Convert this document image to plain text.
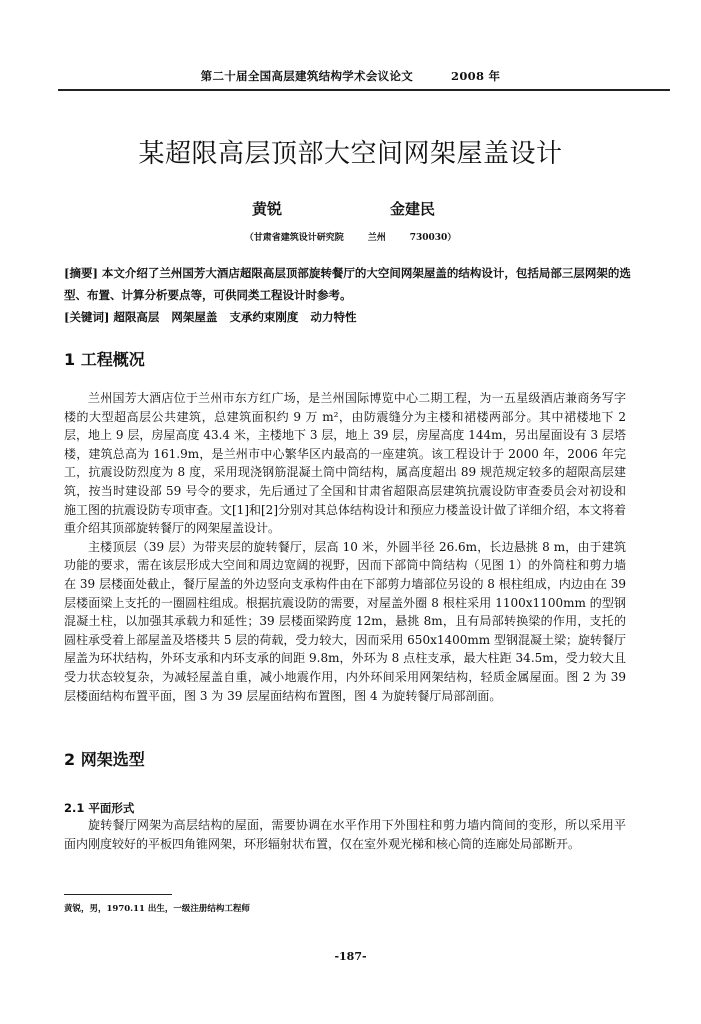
第二十届全国高层建筑结构学术会议论文	2008 年
某超限高层顶部大空间网架屋盖设计
黄锐	金建民
（甘肃省建筑设计研究院	兰州	730030）
[摘要] 本文介绍了兰州国芳大酒店超限高层顶部旋转餐厅的大空间网架屋盖的结构设计，包括局部三层网架的选型、布置、计算分析要点等，可供同类工程设计时参考。
[关键词] 超限高层 网架屋盖 支承约束刚度 动力特性
1 工程概况

兰州国芳大酒店位于兰州市东方红广场，是兰州国际博览中心二期工程，为一五星级酒店兼商务写字楼的大型超高层公共建筑，总建筑面积约 9 万 m²，由防震缝分为主楼和裙楼两部分。其中裙楼地下 2 层，地上 9 层，房屋高度 43.4 米，主楼地下 3 层，地上 39 层，房屋高度 144m，另出屋面设有 3 层塔楼，建筑总高为 161.9m，是兰州市中心繁华区内最高的一座建筑。该工程设计于 2000 年，2006 年完工，抗震设防烈度为 8 度，采用现浇钢筋混凝土筒中筒结构，属高度超出 89 规范规定较多的超限高层建筑，按当时建设部 59 号令的要求，先后通过了全国和甘肃省超限高层建筑抗震设防审查委员会对初设和施工图的抗震设防专项审查。文[1]和[2]分别对其总体结构设计和预应力楼盖设计做了详细介绍，本文将着重介绍其顶部旋转餐厅的网架屋盖设计。

主楼顶层（39 层）为带夹层的旋转餐厅，层高 10 米，外圆半径 26.6m，长边悬挑 8 m，由于建筑功能的要求，需在该层形成大空间和周边宽阔的视野，因而下部筒中筒结构（见图 1）的外筒柱和剪力墙在 39 层楼面处截止，餐厅屋盖的外边竖向支承构件由在下部剪力墙部位另设的 8 根柱组成，内边由在 39 层楼面梁上支托的一圈圆柱组成。根据抗震设防的需要，对屋盖外圈 8 根柱采用 1100x1100mm 的型钢混凝土柱，以加强其承载力和延性；39 层楼面梁跨度 12m，悬挑 8m，且有局部转换梁的作用，支托的圆柱承受着上部屋盖及塔楼共 5 层的荷载，受力较大，因而采用 650x1400mm 型钢混凝土梁；旋转餐厅屋盖为环状结构，外环支承和内环支承的间距 9.8m，外环为 8 点柱支承，最大柱距 34.5m，受力较大且受力状态较复杂，为减轻屋盖自重，减小地震作用，内外环间采用网架结构，轻质金属屋面。图 2 为 39 层楼面结构布置平面，图 3 为 39 层屋面结构布置图，图 4 为旋转餐厅局部剖面。

2 网架选型
2.1 平面形式

旋转餐厅网架为高层结构的屋面，需要协调在水平作用下外围柱和剪力墙内筒间的变形，所以采用平面内刚度较好的平板四角锥网架，环形辐射状布置，仅在室外观光梯和核心筒的连廊处局部断开。

黄锐，男，1970.11 出生，一级注册结构工程师
-187-
